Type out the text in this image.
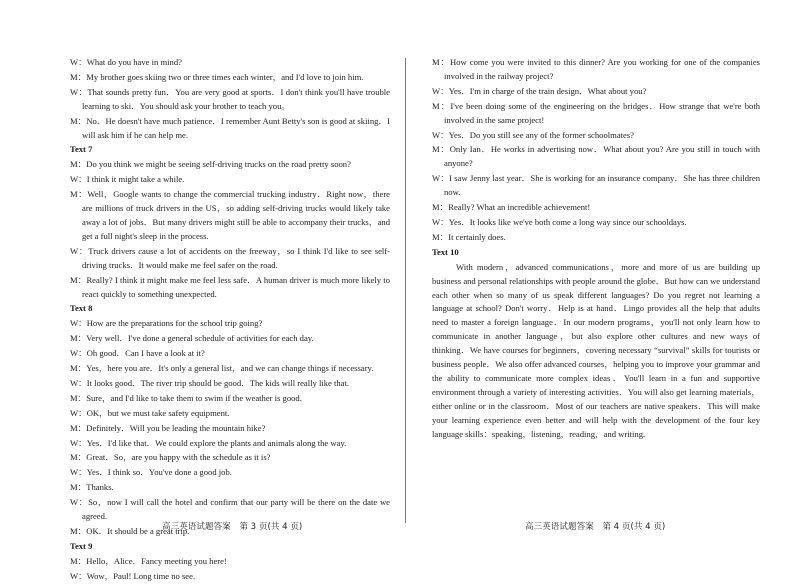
W：What do you have in mind?

M：My brother goes skiing two or three times each winter，and I'd love to join him.

W：That sounds pretty fun．You are very good at sports．I don't think you'll have trouble learning to ski．You should ask your brother to teach you。

M：No．He doesn't have much patience．I remember Aunt Betty's son is good at skiing．I will ask him if he can help me.

Text 7

M：Do you think we might be seeing self-driving trucks on the road pretty soon?

W：I think it might take a while.

M：Well，Google wants to change the commercial trucking industry．Right now，there are millions of truck drivers in the US，so adding self-driving trucks would likely take away a lot of jobs．But many drivers might still be able to accompany their trucks，and get a full night's sleep in the process.

W：Truck drivers cause a lot of accidents on the freeway，so I think I'd like to see self-driving trucks．It would make me feel safer on the road.

M：Really? I think it might make me feel less safe．A human driver is much more likely to react quickly to something unexpected.

Text 8

W：How are the preparations for the school trip going?

M：Very well．I've done a general schedule of activities for each day.

W：Oh good．Can I have a look at it?

M：Yes，here you are．It's only a general list，and we can change things if necessary.

W：It looks good．The river trip should be good．The kids will really like that.

M：Sure，and I'd like to take them to swim if the weather is good.

W：OK，but we must take safety equipment.

M：Definitely．Will you be leading the mountain hike?

W：Yes．I'd like that．We could explore the plants and animals along the way.

M：Great．So，are you happy with the schedule as it is?

W：Yes．I think so．You've done a good job.

M：Thanks.

W：So，now I will call the hotel and confirm that our party will be there on the date we agreed.

M：OK．It should be a great trip.

Text 9

M：Hello，Alice．Fancy meeting you here!

W：Wow，Paul! Long time no see.

M：How come you were invited to this dinner? Are you working for one of the companies involved in the railway project?

W：Yes．I'm in charge of the train design．What about you?

M：I've been doing some of the engineering on the bridges．How strange that we're both involved in the same project!

W：Yes．Do you still see any of the former schoolmates?

M：Only Ian．He works in advertising now．What about you? Are you still in touch with anyone?

W：I saw Jenny last year．She is working for an insurance company．She has three children now.

M：Really? What an incredible achievement!

W：Yes．It looks like we've both come a long way since our schooldays.

M：It certainly does.

Text 10

With modern，advanced communications，more and more of us are building up business and personal relationships with people around the globe．But how can we understand each other when so many of us speak different languages? Do you regret not learning a language at school? Don't worry．Help is at hand．Lingo provides all the help that adults need to master a foreign language．In our modern programs，you'll not only learn how to communicate in another language，but also explore other cultures and new ways of thinking．We have courses for beginners，covering necessary “survival” skills for tourists or business people．We also offer advanced courses，helping you to improve your grammar and the ability to communicate more complex ideas．You'll learn in a fun and supportive environment through a variety of interesting activities．You will also get learning materials，either online or in the classroom．Most of our teachers are native speakers．This will make your learning experience even better and will help with the development of the four key language skills：speaking，listening，reading，and writing.

高三英语试题答案　第 3 页(共 4 页)	高三英语试题答案　第 4 页(共 4 页)
